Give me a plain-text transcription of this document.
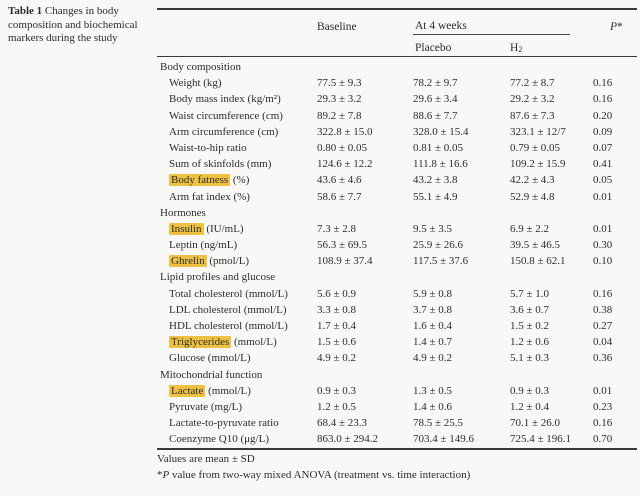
Table 1 Changes in body composition and biochemical markers during the study
Baseline	At 4 weeks	P *
Placebo	H 2
Body composition
Weight (kg)	77.5 ± 9.3	78.2 ± 9.7	77.2 ± 8.7	0.16
Body mass index (kg/m²)	29.3 ± 3.2	29.6 ± 3.4	29.2 ± 3.2	0.16
Waist circumference (cm)	89.2 ± 7.8	88.6 ± 7.7	87.6 ± 7.3	0.20
Arm circumference (cm)	322.8 ± 15.0	328.0 ± 15.4	323.1 ± 12/7	0.09
Waist-to-hip ratio	0.80 ± 0.05	0.81 ± 0.05	0.79 ± 0.05	0.07
Sum of skinfolds (mm)	124.6 ± 12.2	111.8 ± 16.6	109.2 ± 15.9	0.41
Body fatness (%)	43.6 ± 4.6	43.2 ± 3.8	42.2 ± 4.3	0.05
Arm fat index (%)	58.6 ± 7.7	55.1 ± 4.9	52.9 ± 4.8	0.01
Hormones
Insulin (IU/mL)	7.3 ± 2.8	9.5 ± 3.5	6.9 ± 2.2	0.01
Leptin (ng/mL)	56.3 ± 69.5	25.9 ± 26.6	39.5 ± 46.5	0.30
Ghrelin (pmol/L)	108.9 ± 37.4	117.5 ± 37.6	150.8 ± 62.1	0.10
Lipid profiles and glucose
Total cholesterol (mmol/L)	5.6 ± 0.9	5.9 ± 0.8	5.7 ± 1.0	0.16
LDL cholesterol (mmol/L)	3.3 ± 0.8	3.7 ± 0.8	3.6 ± 0.7	0.38
HDL cholesterol (mmol/L)	1.7 ± 0.4	1.6 ± 0.4	1.5 ± 0.2	0.27
Triglycerides (mmol/L)	1.5 ± 0.6	1.4 ± 0.7	1.2 ± 0.6	0.04
Glucose (mmol/L)	4.9 ± 0.2	4.9 ± 0.2	5.1 ± 0.3	0.36
Mitochondrial function
Lactate (mmol/L)	0.9 ± 0.3	1.3 ± 0.5	0.9 ± 0.3	0.01
Pyruvate (mg/L)	1.2 ± 0.5	1.4 ± 0.6	1.2 ± 0.4	0.23
Lactate-to-pyruvate ratio	68.4 ± 23.3	78.5 ± 25.5	70.1 ± 26.0	0.16
Coenzyme Q10 (μg/L)	863.0 ± 294.2	703.4 ± 149.6	725.4 ± 196.1	0.70
Values are mean ± SD
*P value from two-way mixed ANOVA (treatment vs. time interaction)
